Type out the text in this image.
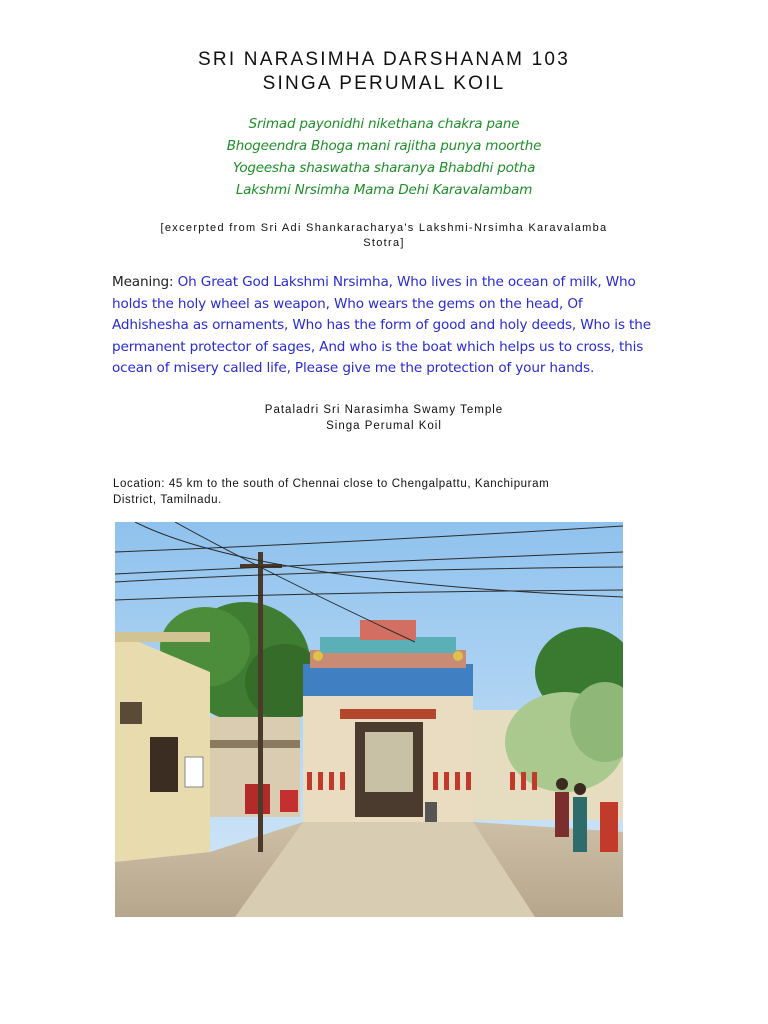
SRI NARASIMHA DARSHANAM 103
SINGA PERUMAL KOIL
Srimad payonidhi nikethana chakra pane
Bhogeendra Bhoga mani rajitha punya moorthe
Yogeesha shaswatha sharanya Bhabdhi potha
Lakshmi Nrsimha Mama Dehi Karavalambam
[excerpted from Sri Adi Shankaracharya's Lakshmi-Nrsimha Karavalamba
Stotra]
Meaning: Oh Great God Lakshmi Nrsimha, Who lives in the ocean of milk, Who holds the holy wheel as weapon, Who wears the gems on the head, Of Adhishesha as ornaments, Who has the form of good and holy deeds, Who is the permanent protector of sages, And who is the boat which helps us to cross, this ocean of misery called life, Please give me the protection of your hands.
Pataladri Sri Narasimha Swamy Temple
Singa Perumal Koil
Location: 45 km to the south of Chennai close to Chengalpattu, Kanchipuram
District, Tamilnadu.
